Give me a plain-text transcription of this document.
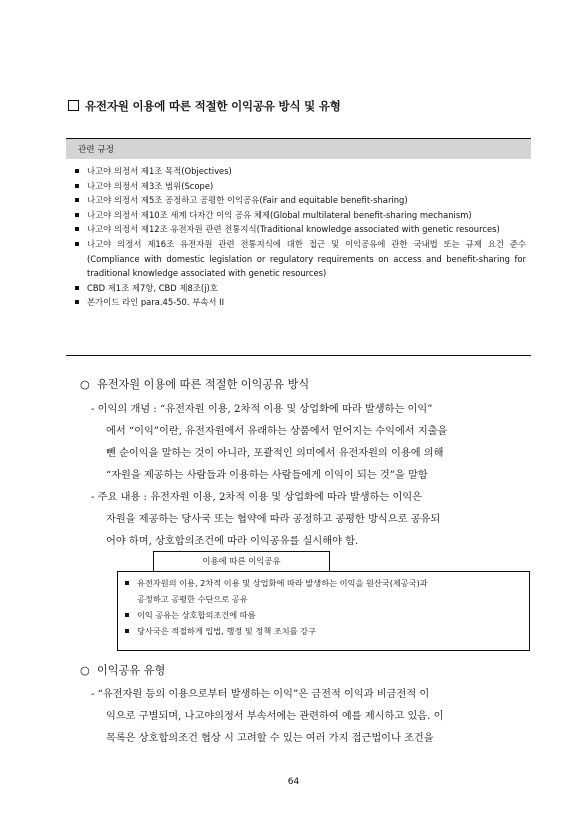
유전자원 이용에 따른 적절한 이익공유 방식 및 유형
관련 규정
나고야 의정서 제1조 목적(Objectives)
나고야 의정서 제3조 범위(Scope)
나고야 의정서 제5조 공정하고 공평한 이익공유(Fair and equitable benefit-sharing)
나고야 의정서 제10조 세계 다자간 이익 공유 체제(Global multilateral benefit-sharing mechanism)
나고야 의정서 제12조 유전자원 관련 전통지식(Traditional knowledge associated with genetic resources)
나고야 의정서 제16조 유전자원 관련 전통지식에 대한 접근 및 이익공유에 관한 국내법 또는 규제 요건 준수(Compliance with domestic legislation or regulatory requirements on access and benefit-sharing for traditional knowledge associated with genetic resources)
CBD 제1조 제7항, CBD 제8조(j)호
본가이드 라인 para.45-50. 부속서 II
○ 유전자원 이용에 따른 적절한 이익공유 방식
- 이익의 개념 : “유전자원 이용, 2차적 이용 및 상업화에 따라 발생하는 이익”
에서 “이익”이란, 유전자원에서 유래하는 상품에서 얻어지는 수익에서 지출을
뺀 순이익을 말하는 것이 아니라, 포괄적인 의미에서 유전자원의 이용에 의해
“자원을 제공하는 사람들과 이용하는 사람들에게 이익이 되는 것”을 말함
- 주요 내용 : 유전자원 이용, 2차적 이용 및 상업화에 따라 발생하는 이익은
자원을 제공하는 당사국 또는 협약에 따라 공정하고 공평한 방식으로 공유되
어야 하며, 상호합의조건에 따라 이익공유를 실시해야 함.
이용에 따른 이익공유
유전자원의 이용, 2차적 이용 및 상업화에 따라 발생하는 이익을 원산국(제공국)과
공정하고 공평한 수단으로 공유
이익 공유는 상호합의조건에 따름
당사국은 적절하게 입법, 행정 및 정책 조치를 강구
○ 이익공유 유형
- “유전자원 등의 이용으로부터 발생하는 이익”은 금전적 이익과 비금전적 이
익으로 구별되며, 나고야의정서 부속서에는 관련하여 예를 제시하고 있음. 이
목록은 상호합의조건 협상 시 고려할 수 있는 여러 가지 접근법이나 조건을
64
